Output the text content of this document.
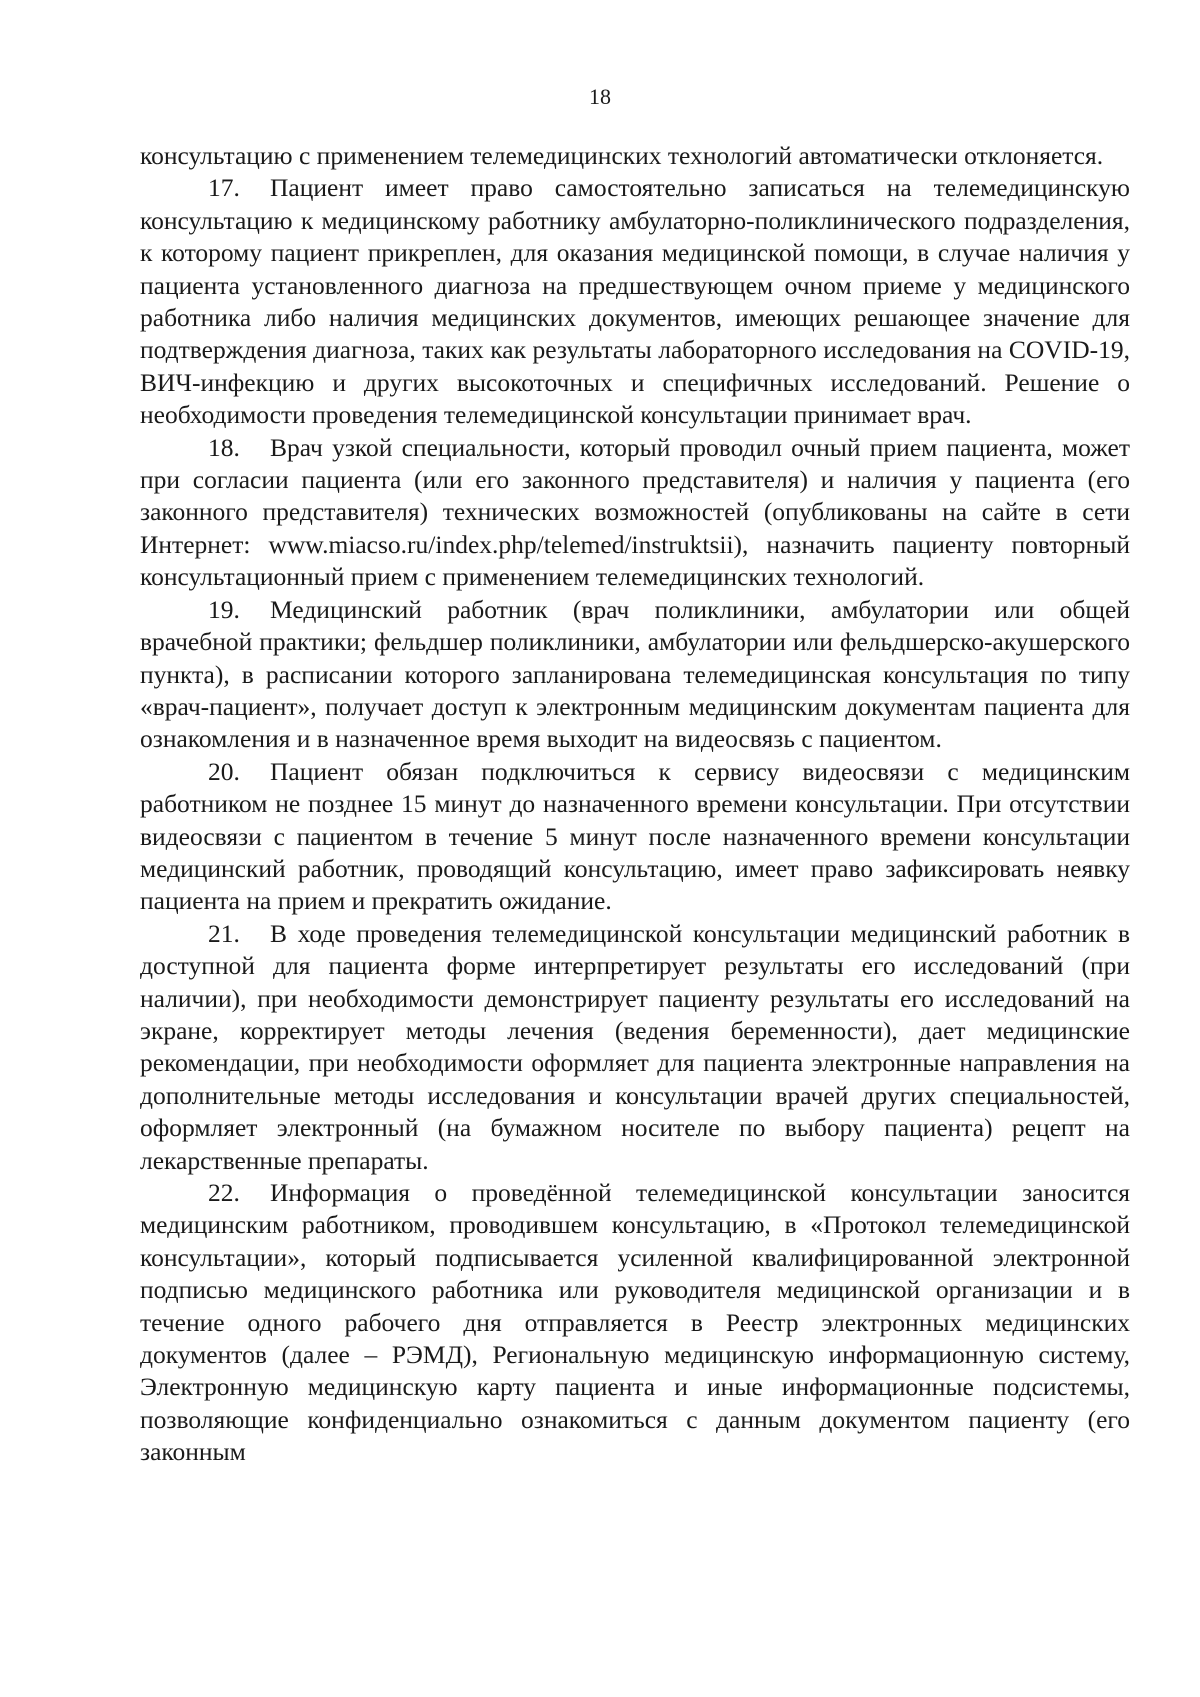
18

консультацию с применением телемедицинских технологий автоматически отклоняется.

17. Пациент имеет право самостоятельно записаться на телемедицинскую консультацию к медицинскому работнику амбулаторно-поликлинического подразделения, к которому пациент прикреплен, для оказания медицинской помощи, в случае наличия у пациента установленного диагноза на предшествующем очном приеме у медицинского работника либо наличия медицинских документов, имеющих решающее значение для подтверждения диагноза, таких как результаты лабораторного исследования на COVID-19, ВИЧ-инфекцию и других высокоточных и специфичных исследований. Решение о необходимости проведения телемедицинской консультации принимает врач.

18. Врач узкой специальности, который проводил очный прием пациента, может при согласии пациента (или его законного представителя) и наличия у пациента (его законного представителя) технических возможностей (опубликованы на сайте в сети Интернет: www.miacso.ru/index.php/telemed/instruktsii), назначить пациенту повторный консультационный прием с применением телемедицинских технологий.

19. Медицинский работник (врач поликлиники, амбулатории или общей врачебной практики; фельдшер поликлиники, амбулатории или фельдшерско-акушерского пункта), в расписании которого запланирована телемедицинская консультация по типу «врач-пациент», получает доступ к электронным медицинским документам пациента для ознакомления и в назначенное время выходит на видеосвязь с пациентом.

20. Пациент обязан подключиться к сервису видеосвязи с медицинским работником не позднее 15 минут до назначенного времени консультации. При отсутствии видеосвязи с пациентом в течение 5 минут после назначенного времени консультации медицинский работник, проводящий консультацию, имеет право зафиксировать неявку пациента на прием и прекратить ожидание.

21. В ходе проведения телемедицинской консультации медицинский работник в доступной для пациента форме интерпретирует результаты его исследований (при наличии), при необходимости демонстрирует пациенту результаты его исследований на экране, корректирует методы лечения (ведения беременности), дает медицинские рекомендации, при необходимости оформляет для пациента электронные направления на дополнительные методы исследования и консультации врачей других специальностей, оформляет электронный (на бумажном носителе по выбору пациента) рецепт на лекарственные препараты.

22. Информация о проведённой телемедицинской консультации заносится медицинским работником, проводившем консультацию, в «Протокол телемедицинской консультации», который подписывается усиленной квалифицированной электронной подписью медицинского работника или руководителя медицинской организации и в течение одного рабочего дня отправляется в Реестр электронных медицинских документов (далее – РЭМД), Региональную медицинскую информационную систему, Электронную медицинскую карту пациента и иные информационные подсистемы, позволяющие конфиденциально ознакомиться с данным документом пациенту (его законным
